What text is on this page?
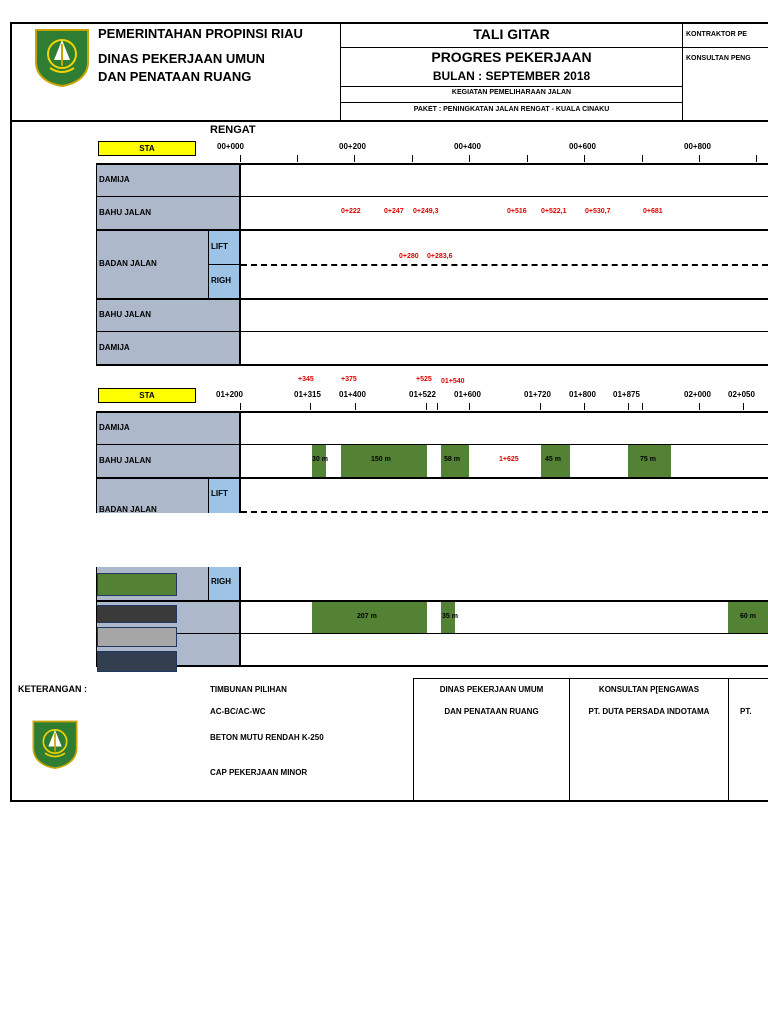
PEMERINTAHAN PROPINSI RIAU
DINAS PEKERJAAN UMUN
DAN PENATAAN RUANG
TALI GITAR
PROGRES PEKERJAAN
BULAN : SEPTEMBER 2018
KEGIATAN PEMELIHARAAN JALAN
PAKET : PENINGKATAN JALAN RENGAT - KUALA CINAKU
KONTRAKTOR PE
KONSULTAN PENG
RENGAT
STA	00+000	00+200	00+400	00+600	00+800
DAMIJA
BAHU JALAN
BADAN JALAN
LIFT
RIGH
BAHU JALAN
DAMIJA
0+222	0+247 0+249,3	0+516 0+522,1	0+530,7	0+681
0+280 0+283,6
+345	+375	+525 01+540
STA	01+200	01+315 01+400	01+522 01+600	01+720 01+800 01+875	02+000 02+050
DAMIJA
BAHU JALAN
LIFT
BADAN JALAN
30 m	150 m	58 m	45 m	75 m
1+625
RIGH
207 m	35 m	60 m
KETERANGAN :	TIMBUNAN PILIHAN
AC-BC/AC-WC
BETON MUTU RENDAH K-250
CAP PEKERJAAN MINOR
DINAS PEKERJAAN UMUM
DAN PENATAAN RUANG
KONSULTAN P[ENGAWAS
PT. DUTA PERSADA INDOTAMA	PT.
